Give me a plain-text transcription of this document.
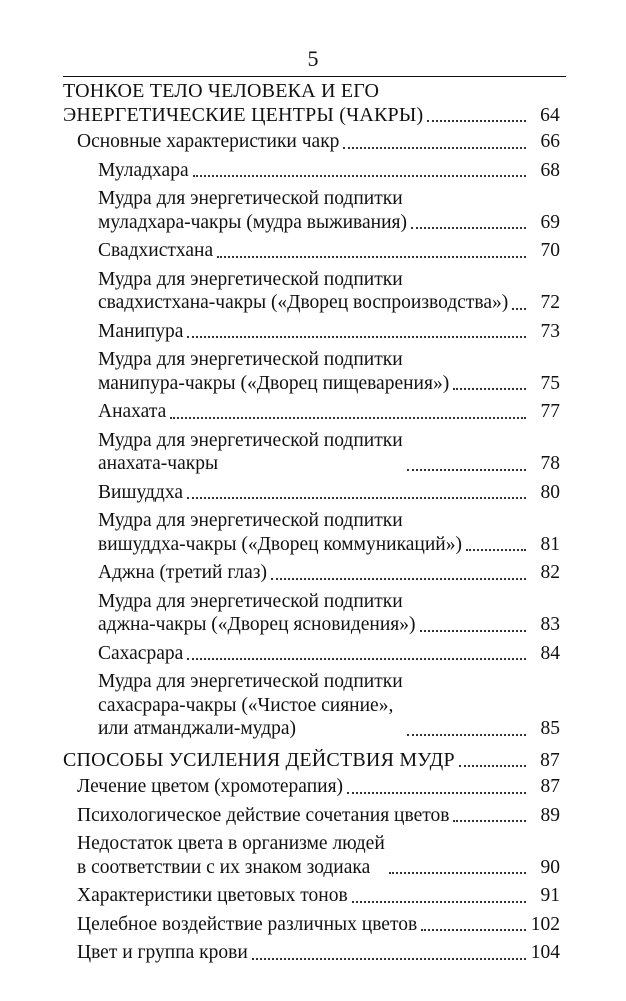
5
ТОНКОЕ ТЕЛО ЧЕЛОВЕКА И ЕГО
ЭНЕРГЕТИЧЕСКИЕ ЦЕНТРЫ (ЧАКРЫ)	64
Основные характеристики чакр	66
Муладхара	68
Мудра для энергетической подпитки
муладхара-чакры (мудра выживания)	69
Свадхистхана	70
Мудра для энергетической подпитки
свадхистхана-чакры («Дворец воспроизводства»)	72
Манипура	73
Мудра для энергетической подпитки
манипура-чакры («Дворец пищеварения»)	75
Анахата	77
Мудра для энергетической подпитки
анахата-чакры	78
Вишуддха	80
Мудра для энергетической подпитки
вишуддха-чакры («Дворец коммуникаций»)	81
Аджна (третий глаз)	82
Мудра для энергетической подпитки
аджна-чакры («Дворец ясновидения»)	83
Сахасрара	84
Мудра для энергетической подпитки
сахасрара-чакры («Чистое сияние»,
или атманджали-мудра)	85
СПОСОБЫ УСИЛЕНИЯ ДЕЙСТВИЯ МУДР	87
Лечение цветом (хромотерапия)	87
Психологическое действие сочетания цветов	89
Недостаток цвета в организме людей
в соответствии с их знаком зодиака	90
Характеристики цветовых тонов	91
Целебное воздействие различных цветов	102
Цвет и группа крови	104
